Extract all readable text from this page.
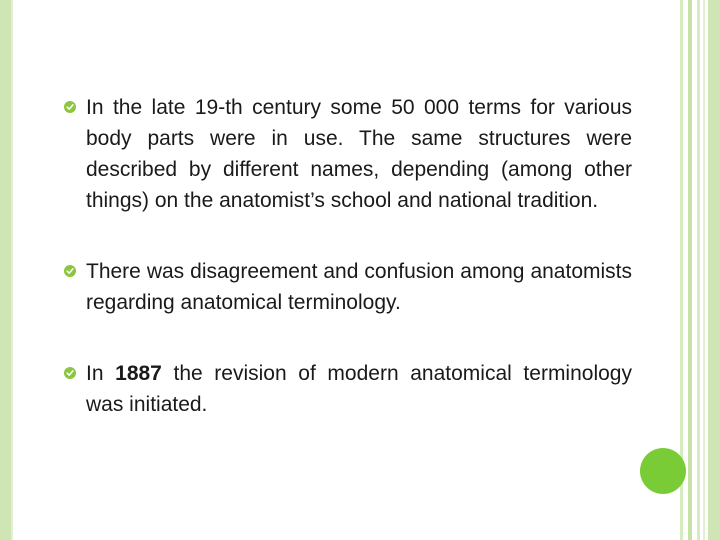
In the late 19-th century some 50 000 terms for various body parts were in use. The same structures were described by different names, depending (among other things) on the anatomist’s school and national tradition.
There was disagreement and confusion among anatomists regarding anatomical terminology.
In 1887 the revision of modern anatomical terminology was initiated.
